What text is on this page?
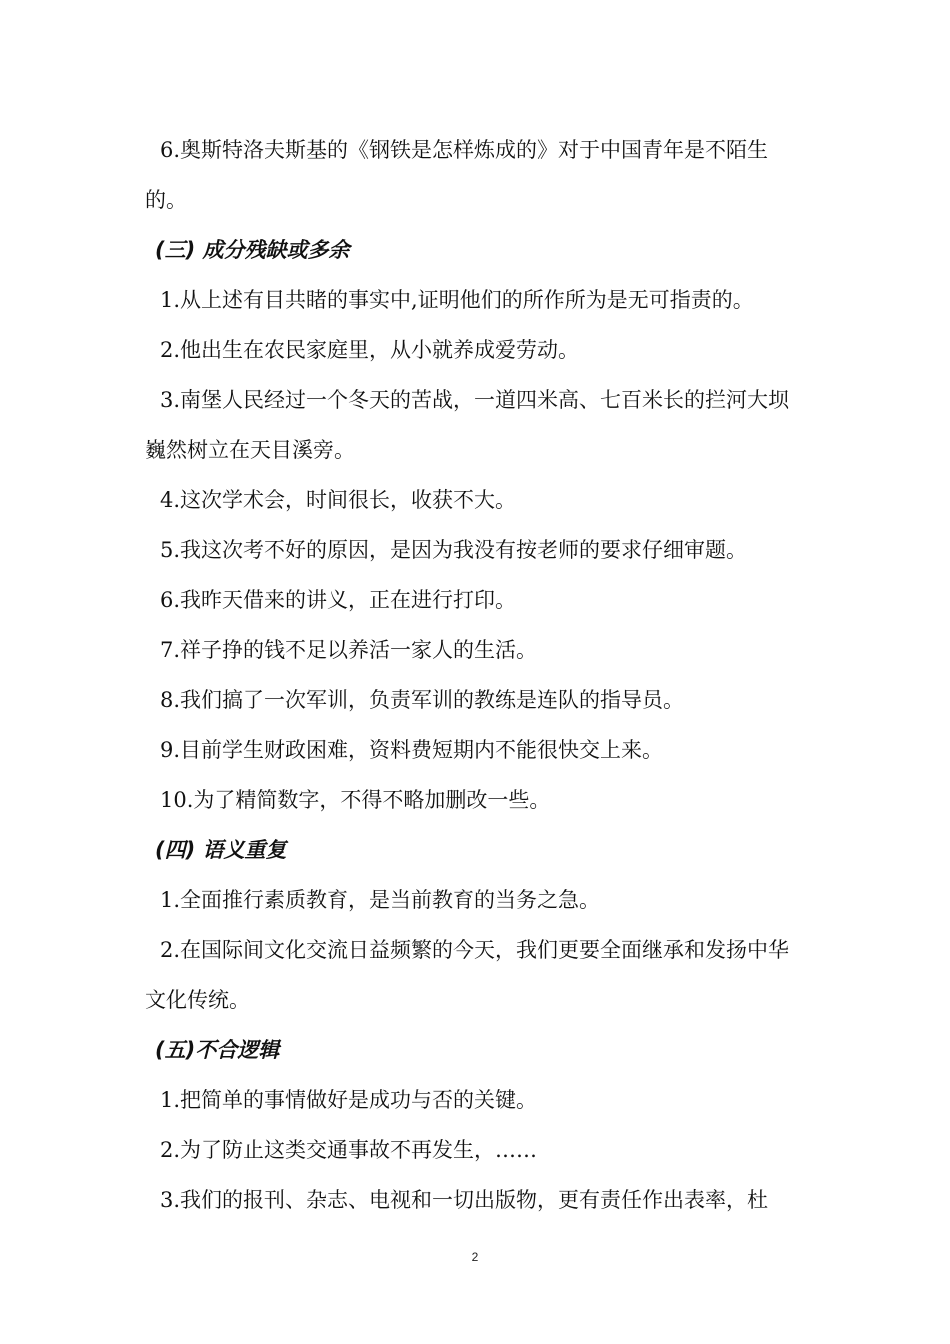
6.奥斯特洛夫斯基的《钢铁是怎样炼成的》对于中国青年是不陌生的。

(三) 成分残缺或多余

1.从上述有目共睹的事实中,证明他们的所作所为是无可指责的。

2.他出生在农民家庭里，从小就养成爱劳动。

3.南堡人民经过一个冬天的苦战，一道四米高、七百米长的拦河大坝巍然树立在天目溪旁。

4.这次学术会，时间很长，收获不大。

5.我这次考不好的原因，是因为我没有按老师的要求仔细审题。

6.我昨天借来的讲义，正在进行打印。

7.祥子挣的钱不足以养活一家人的生活。

8.我们搞了一次军训，负责军训的教练是连队的指导员。

9.目前学生财政困难，资料费短期内不能很快交上来。

10.为了精简数字，不得不略加删改一些。

(四) 语义重复

1.全面推行素质教育，是当前教育的当务之急。

2.在国际间文化交流日益频繁的今天，我们更要全面继承和发扬中华文化传统。

(五)不合逻辑

1.把简单的事情做好是成功与否的关键。

2.为了防止这类交通事故不再发生，……

3.我们的报刊、杂志、电视和一切出版物，更有责任作出表率，杜

2
